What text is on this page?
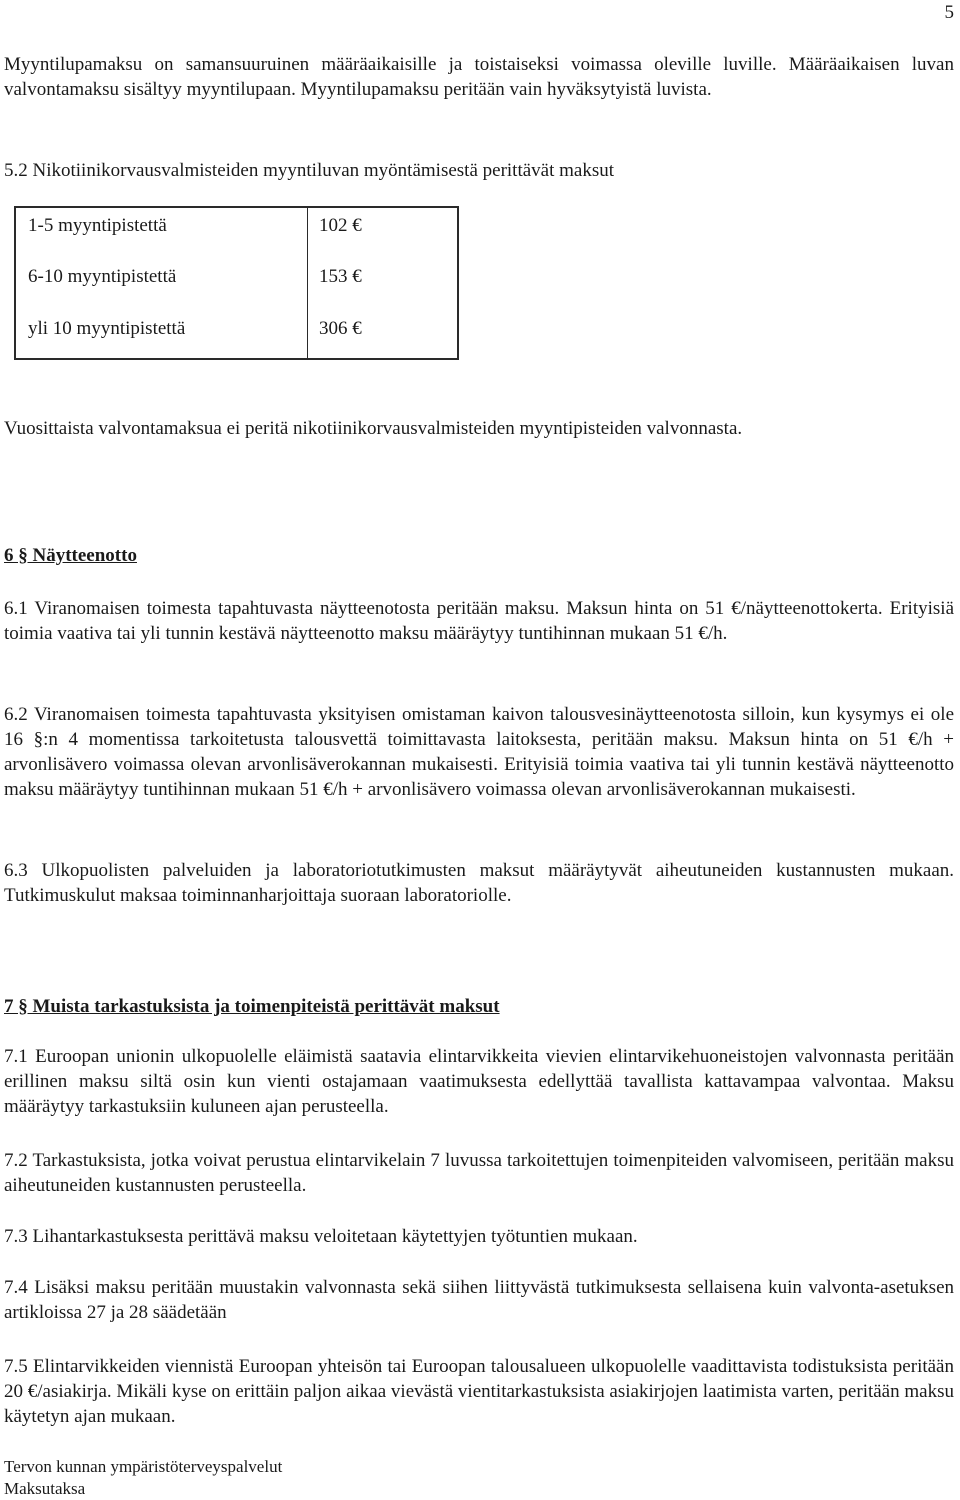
5

Myyntilupamaksu on samansuuruinen määräaikaisille ja toistaiseksi voimassa oleville luville. Määräaikaisen luvan valvontamaksu sisältyy myyntilupaan. Myyntilupamaksu peritään vain hyväksytyistä luvista.

5.2 Nikotiinikorvausvalmisteiden myyntiluvan myöntämisestä perittävät maksut

1-5 myyntipistettä	102 €
6-10 myyntipistettä	153 €
yli 10 myyntipistettä	306 €

Vuosittaista valvontamaksua ei peritä nikotiinikorvausvalmisteiden myyntipisteiden valvonnasta.

6 § Näytteenotto

6.1 Viranomaisen toimesta tapahtuvasta näytteenotosta peritään maksu. Maksun hinta on 51 €/näytteenottokerta. Erityisiä toimia vaativa tai yli tunnin kestävä näytteenotto maksu määräytyy tuntihinnan mukaan 51 €/h.

6.2 Viranomaisen toimesta tapahtuvasta yksityisen omistaman kaivon talousvesinäytteenotosta silloin, kun kysymys ei ole 16 §:n 4 momentissa tarkoitetusta talousvettä toimittavasta laitoksesta, peritään maksu. Maksun hinta on 51 €/h + arvonlisävero voimassa olevan arvonlisäverokannan mukaisesti. Erityisiä toimia vaativa tai yli tunnin kestävä näytteenotto maksu määräytyy tuntihinnan mukaan 51 €/h + arvonlisävero voimassa olevan arvonlisäverokannan mukaisesti.

6.3 Ulkopuolisten palveluiden ja laboratoriotutkimusten maksut määräytyvät aiheutuneiden kustannusten mukaan. Tutkimuskulut maksaa toiminnanharjoittaja suoraan laboratoriolle.

7 § Muista tarkastuksista ja toimenpiteistä perittävät maksut

7.1 Euroopan unionin ulkopuolelle eläimistä saatavia elintarvikkeita vievien elintarvikehuoneistojen valvonnasta peritään erillinen maksu siltä osin kun vienti ostajamaan vaatimuksesta edellyttää tavallista kattavampaa valvontaa. Maksu määräytyy tarkastuksiin kuluneen ajan perusteella.

7.2 Tarkastuksista, jotka voivat perustua elintarvikelain 7 luvussa tarkoitettujen toimenpiteiden valvomiseen, peritään maksu aiheutuneiden kustannusten perusteella.

7.3 Lihantarkastuksesta perittävä maksu veloitetaan käytettyjen työtuntien mukaan.

7.4 Lisäksi maksu peritään muustakin valvonnasta sekä siihen liittyvästä tutkimuksesta sellaisena kuin valvonta-asetuksen artikloissa 27 ja 28 säädetään

7.5 Elintarvikkeiden viennistä Euroopan yhteisön tai Euroopan talousalueen ulkopuolelle vaadittavista todistuksista peritään 20 €/asiakirja. Mikäli kyse on erittäin paljon aikaa vievästä vientitarkastuksista asiakirjojen laatimista varten, peritään maksu käytetyn ajan mukaan.

Tervon kunnan ympäristöterveyspalvelut
Maksutaksa
